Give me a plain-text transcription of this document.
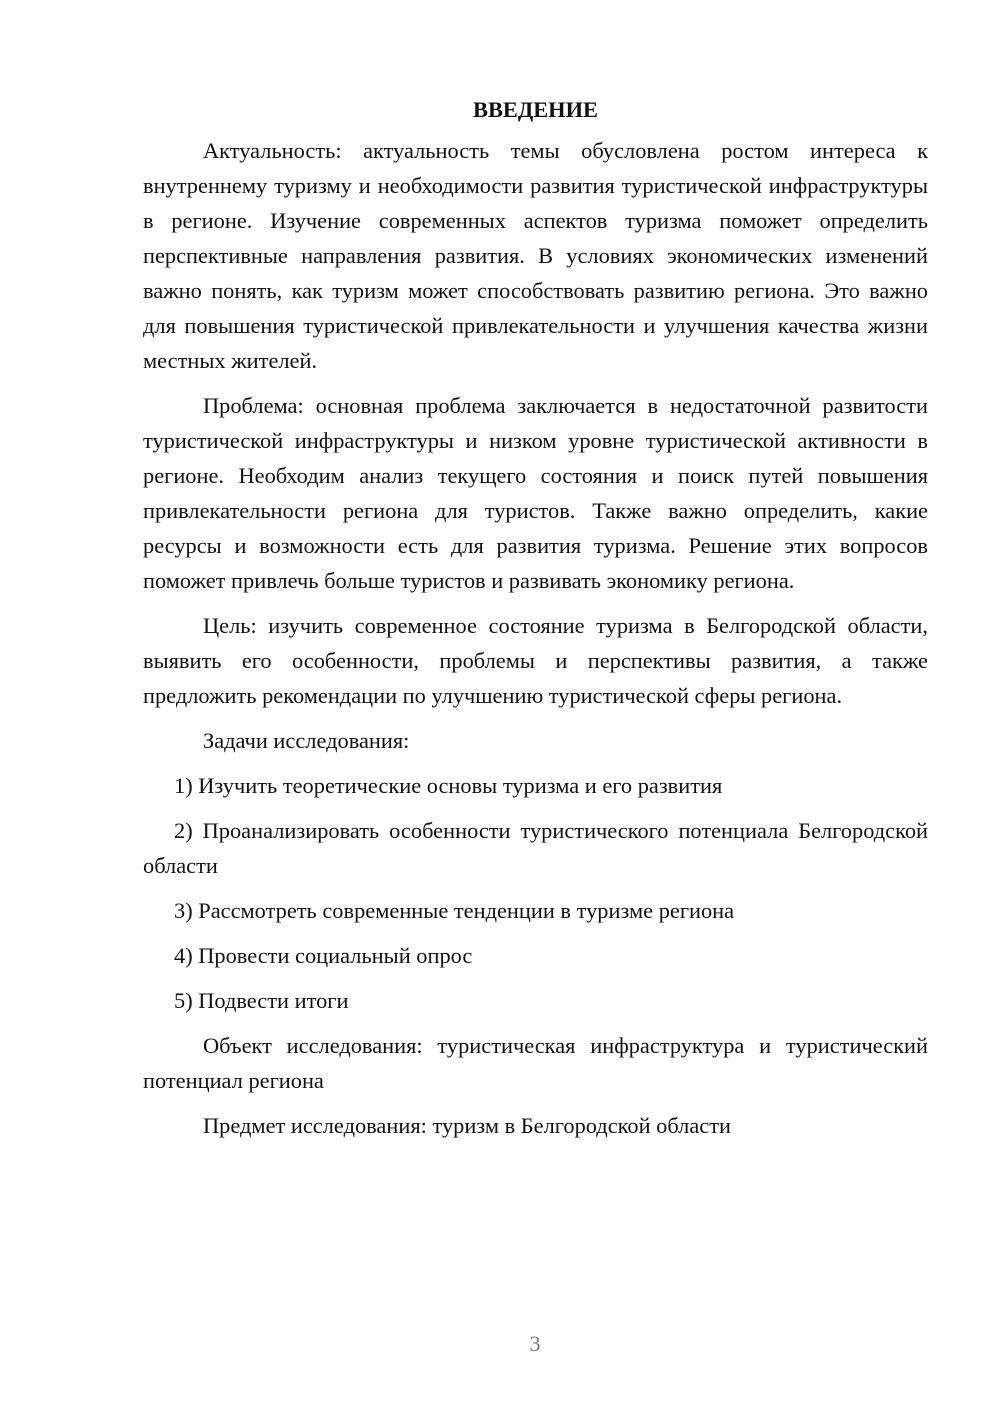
ВВЕДЕНИЕ

Актуальность: актуальность темы обусловлена ростом интереса к внутреннему туризму и необходимости развития туристической инфраструктуры в регионе. Изучение современных аспектов туризма поможет определить перспективные направления развития. В условиях экономических изменений важно понять, как туризм может способствовать развитию региона. Это важно для повышения туристической привлекательности и улучшения качества жизни местных жителей.

Проблема: основная проблема заключается в недостаточной развитости туристической инфраструктуры и низком уровне туристической активности в регионе. Необходим анализ текущего состояния и поиск путей повышения привлекательности региона для туристов. Также важно определить, какие ресурсы и возможности есть для развития туризма. Решение этих вопросов поможет привлечь больше туристов и развивать экономику региона.

Цель: изучить современное состояние туризма в Белгородской области, выявить его особенности, проблемы и перспективы развития, а также предложить рекомендации по улучшению туристической сферы региона.

Задачи исследования:

1) Изучить теоретические основы туризма и его развития

2) Проанализировать особенности туристического потенциала Белгородской области

3) Рассмотреть современные тенденции в туризме региона

4) Провести социальный опрос

5) Подвести итоги

Объект исследования: туристическая инфраструктура и туристический потенциал региона

Предмет исследования: туризм в Белгородской области

3
